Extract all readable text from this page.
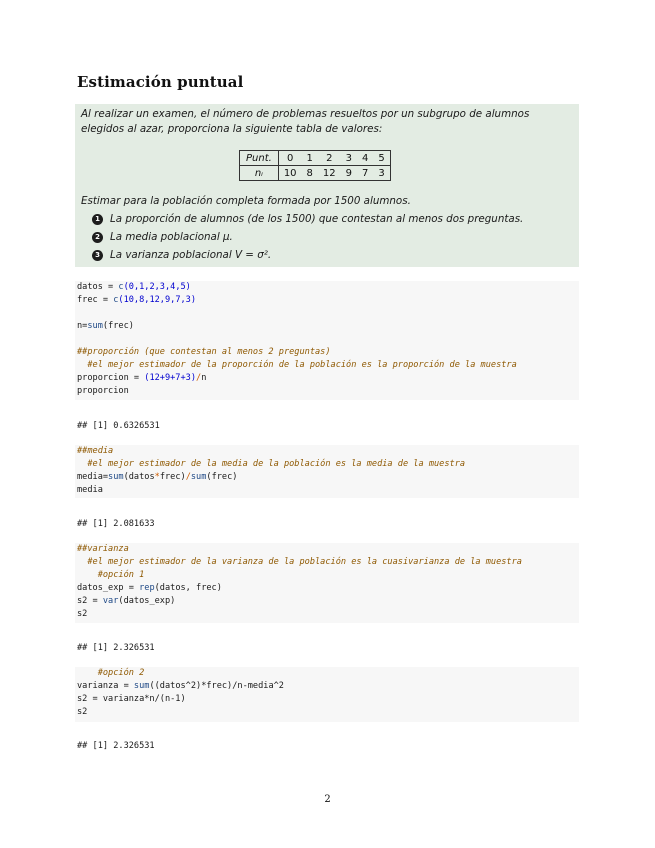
Estimación puntual
Al realizar un examen, el número de problemas resueltos por un subgrupo de alumnos elegidos al azar, proporciona la siguiente tabla de valores:
Punt.	0	1	2	3	4	5
nᵢ	10	8	12	9	7	3
Estimar para la población completa formada por 1500 alumnos.
1 La proporción de alumnos (de los 1500) que contestan al menos dos preguntas.
2 La media poblacional μ.
3 La varianza poblacional V = σ².
datos = c(0,1,2,3,4,5)
frec = c(10,8,12,9,7,3)

n=sum(frec)

##proporción (que contestan al menos 2 preguntas)
#el mejor estimador de la proporción de la población es la proporción de la muestra
proporcion = (12+9+7+3)/n
proporcion
## [1] 0.6326531
##media
#el mejor estimador de la media de la población es la media de la muestra
media=sum(datos*frec)/sum(frec)
media
## [1] 2.081633
##varianza
#el mejor estimador de la varianza de la población es la cuasivarianza de la muestra
#opción 1
datos_exp = rep(datos, frec)
s2 = var(datos_exp)
s2
## [1] 2.326531
#opción 2
varianza = sum((datos^2)*frec)/n-media^2
s2 = varianza*n/(n-1)
s2
## [1] 2.326531
2
